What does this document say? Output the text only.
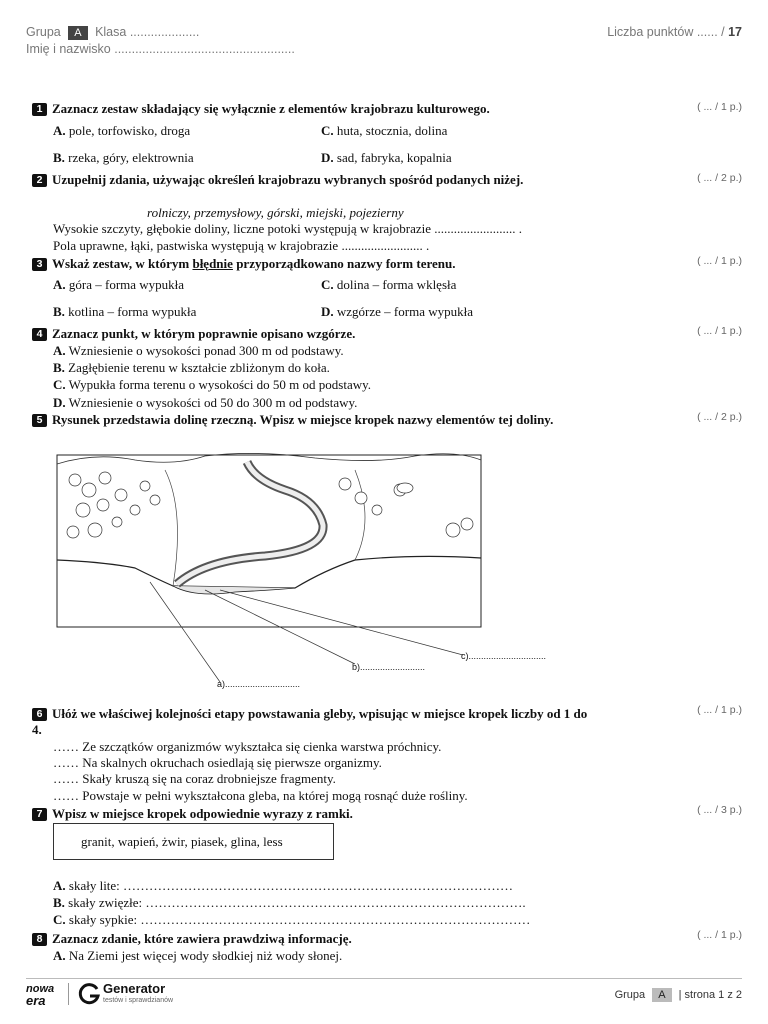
Grupa A Klasa ....................
Imię i nazwisko ....................................................
Liczba punktów ...... / 17
1 Zaznacz zestaw składający się wyłącznie z elementów krajobrazu kulturowego.	( ... / 1 p.)
A. pole, torfowisko, droga	C. huta, stocznia, dolina
B. rzeka, góry, elektrownia	D. sad, fabryka, kopalnia
2 Uzupełnij zdania, używając określeń krajobrazu wybranych spośród podanych niżej.	( ... / 2 p.)
rolniczy, przemysłowy, górski, miejski, pojezierny
Wysokie szczyty, głębokie doliny, liczne potoki występują w krajobrazie ......................... .
Pola uprawne, łąki, pastwiska występują w krajobrazie ......................... .
3 Wskaż zestaw, w którym błędnie przyporządkowano nazwy form terenu.	( ... / 1 p.)
A. góra – forma wypukła	C. dolina – forma wklęsła
B. kotlina – forma wypukła	D. wzgórze – forma wypukła
4 Zaznacz punkt, w którym poprawnie opisano wzgórze.	( ... / 1 p.)
A. Wzniesienie o wysokości ponad 300 m od podstawy.
B. Zagłębienie terenu w kształcie zbliżonym do koła.
C. Wypukła forma terenu o wysokości do 50 m od podstawy.
D. Wzniesienie o wysokości od 50 do 300 m od podstawy.
5 Rysunek przedstawia dolinę rzeczną. Wpisz w miejsce kropek nazwy elementów tej doliny.	( ... / 2 p.)
a)..............................
b)..........................
c)...............................
6 Ułóż we właściwej kolejności etapy powstawania gleby, wpisując w miejsce kropek liczby od 1 do 4.
( ... / 1 p.)
…… Ze szczątków organizmów wykształca się cienka warstwa próchnicy.
…… Na skalnych okruchach osiedlają się pierwsze organizmy.
…… Skały kruszą się na coraz drobniejsze fragmenty.
…… Powstaje w pełni wykształcona gleba, na której mogą rosnąć duże rośliny.
7 Wpisz w miejsce kropek odpowiednie wyrazy z ramki.	( ... / 3 p.)
granit, wapień, żwir, piasek, glina, less
A. skały lite: ………………………………………………………………………………
B. skały zwięzłe: …………………………………………………………………………….
C. skały sypkie: ………………………………………………………………………………
8 Zaznacz zdanie, które zawiera prawdziwą informację.	( ... / 1 p.)
A. Na Ziemi jest więcej wody słodkiej niż wody słonej.
nowa
era
Generator
testów i sprawdzianów	Grupa A | strona 1 z 2
